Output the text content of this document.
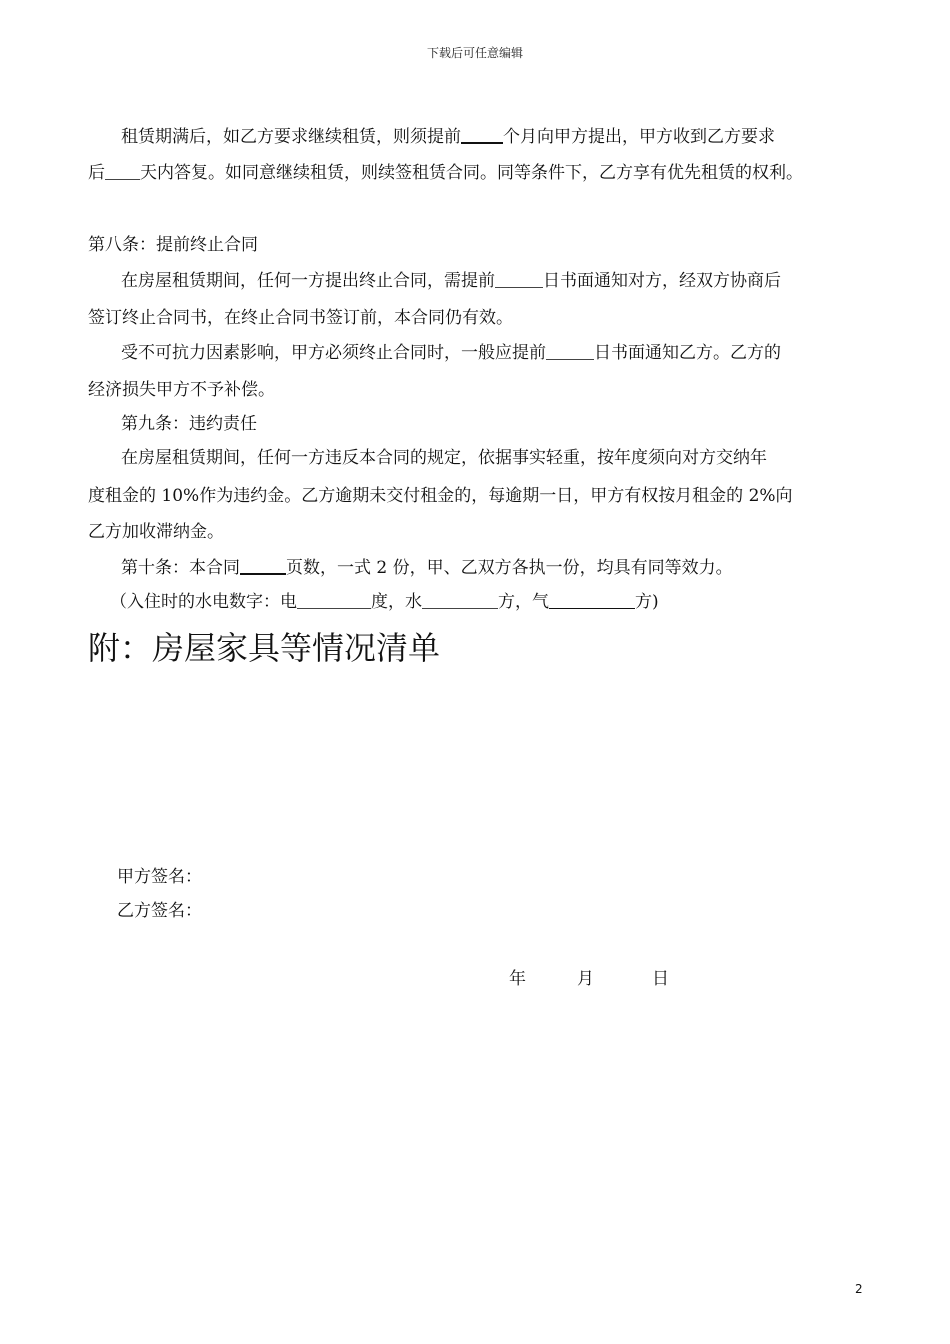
下载后可任意编辑
租赁期满后，如乙方要求继续租赁，则须提前 个月向甲方提出，甲方收到乙方要求
后 天内答复。如同意继续租赁，则续签租赁合同。同等条件下，乙方享有优先租赁的权利。
第八条：提前终止合同
在房屋租赁期间，任何一方提出终止合同，需提前	日书面通知对方，经双方协商后
签订终止合同书，在终止合同书签订前，本合同仍有效。
受不可抗力因素影响，甲方必须终止合同时，一般应提前	日书面通知乙方。乙方的
经济损失甲方不予补偿。
第九条：违约责任
在房屋租赁期间，任何一方违反本合同的规定，依据事实轻重，按年度须向对方交纳年
度租金的 10%作为违约金。乙方逾期未交付租金的，每逾期一日，甲方有权按月租金的 2%向
乙方加收滞纳金。
第十条：本合同	页数，一式 2 份，甲、乙双方各执一份，均具有同等效力。
（入住时的水电数字：电	度，水	方，气	方)
附：房屋家具等情况清单
甲方签名：
乙方签名：
年	月	日
2
